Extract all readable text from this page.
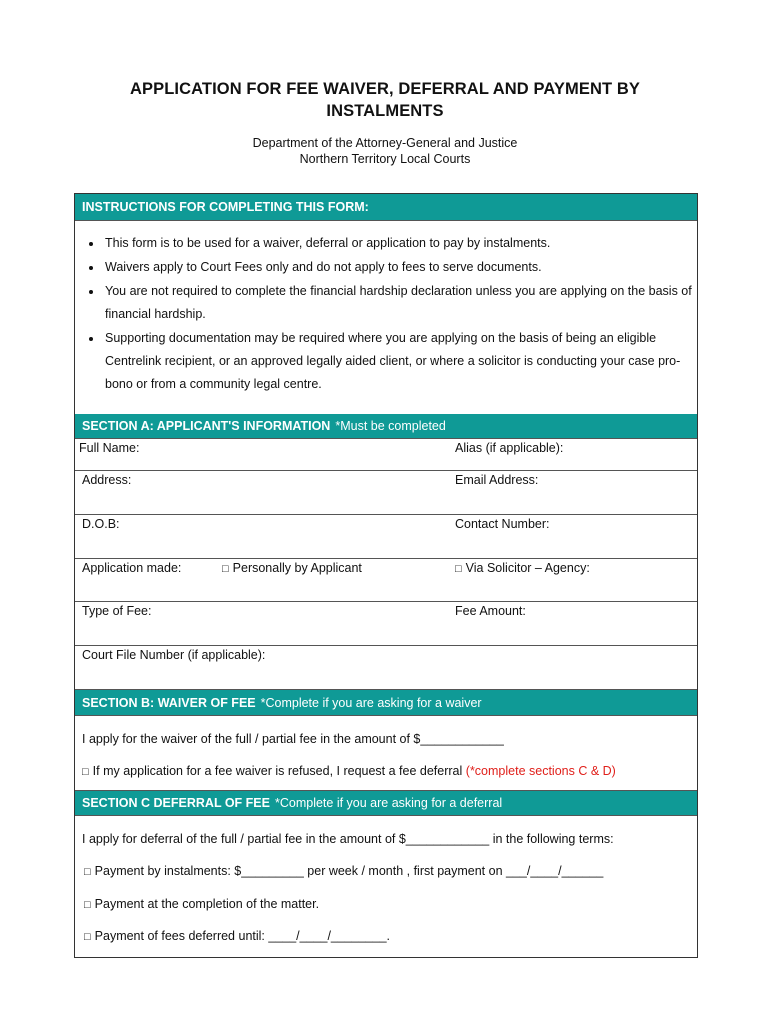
APPLICATION FOR FEE WAIVER, DEFERRAL AND PAYMENT BY
INSTALMENTS
Department of the Attorney-General and Justice
Northern Territory Local Courts
INSTRUCTIONS FOR COMPLETING THIS FORM:
• This form is to be used for a waiver, deferral or application to pay by instalments.
• Waivers apply to Court Fees only and do not apply to fees to serve documents.
• You are not required to complete the financial hardship declaration unless you are applying on the basis of financial hardship.
• Supporting documentation may be required where you are applying on the basis of being an eligible Centrelink recipient, or an approved legally aided client, or where a solicitor is conducting your case pro-bono or from a community legal centre.
SECTION A: APPLICANT'S INFORMATION *Must be completed
Full Name:	Alias (if applicable):
Address:	Email Address:
D.O.B:	Contact Number:
Application made:	□ Personally by Applicant	□ Via Solicitor – Agency:
Type of Fee:	Fee Amount:
Court File Number (if applicable):
SECTION B: WAIVER OF FEE *Complete if you are asking for a waiver
I apply for the waiver of the full / partial fee in the amount of $____________
□ If my application for a fee waiver is refused, I request a fee deferral (*complete sections C & D)
SECTION C DEFERRAL OF FEE *Complete if you are asking for a deferral
I apply for deferral of the full / partial fee in the amount of $____________ in the following terms:
□ Payment by instalments: $_________ per week / month , first payment on ___/____/______
□ Payment at the completion of the matter.
□ Payment of fees deferred until: ____/____/________.
